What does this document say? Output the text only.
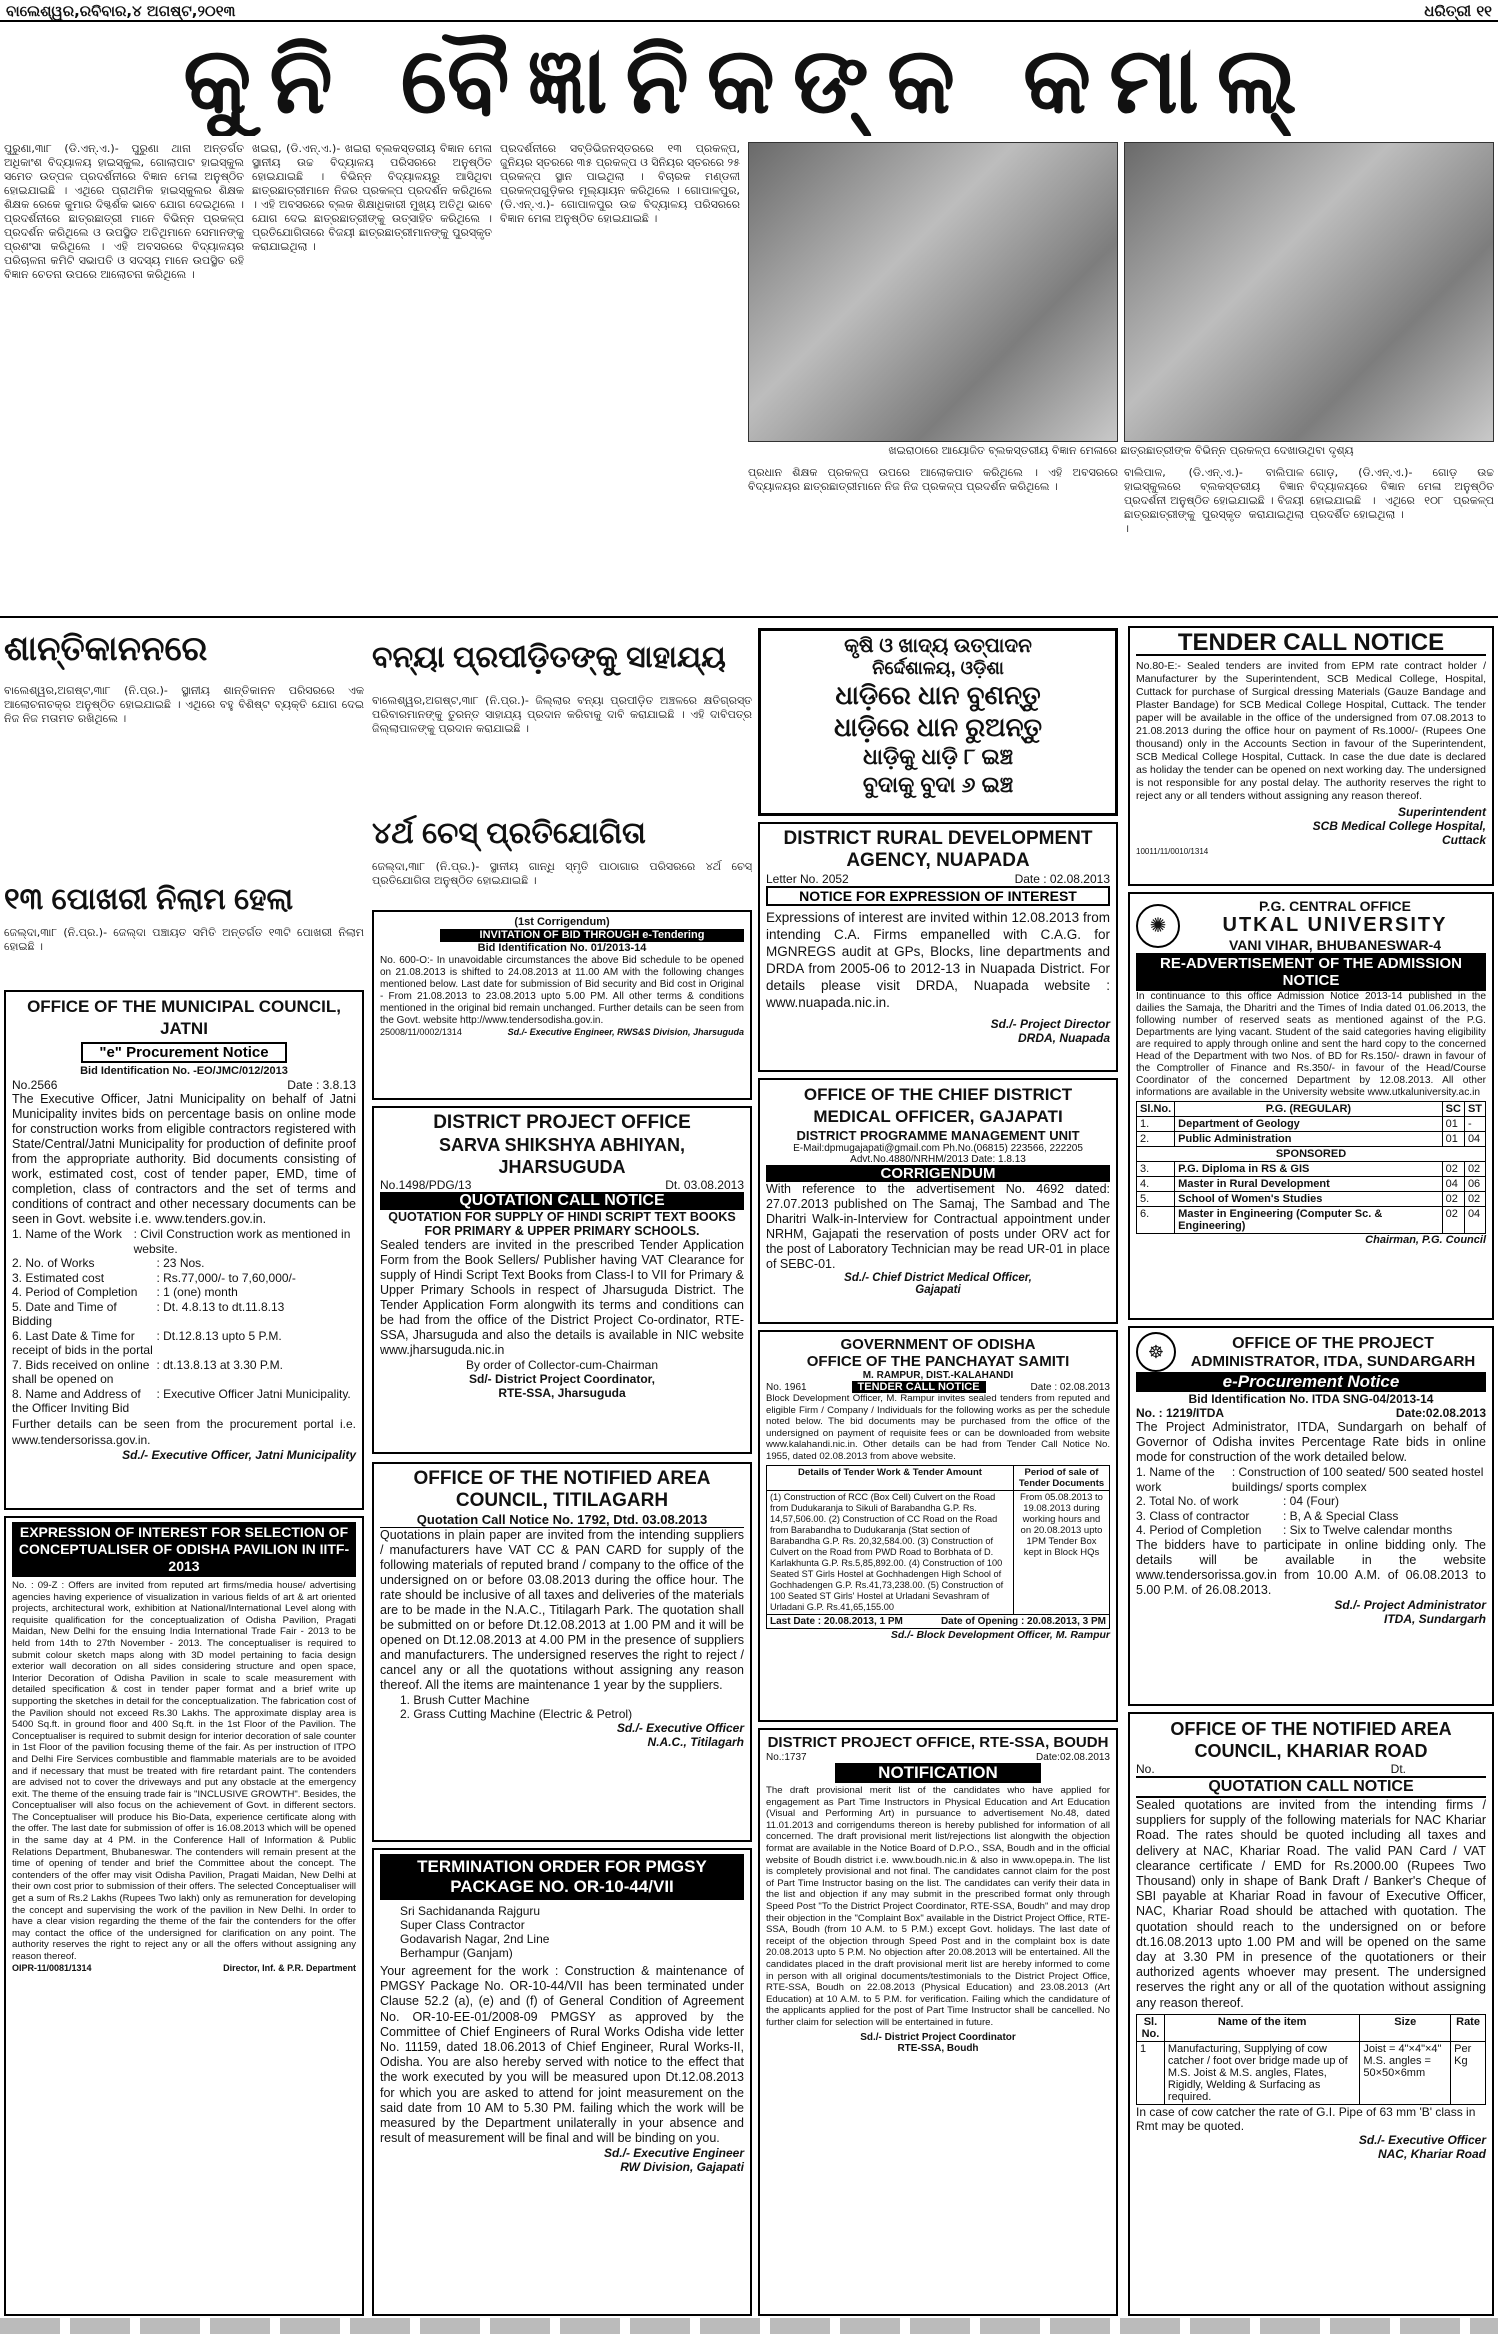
ବାଲେଶ୍ୱର,ରବିବାର,୪ ଅଗଷ୍ଟ,୨୦୧୩	ଧରିତ୍ରୀ ୧୧
କୁନି ବୈଜ୍ଞାନିକଙ୍କ କମାଲ୍
ପୁରୁଣା,୩ା୮ (ଡି.ଏନ୍.ଏ.)- ପୁରୁଣା ଥାନା ଅନ୍ତର୍ଗତ ଅଧିକାଂଶ ବିଦ୍ୟାଳୟ ହାଇସ୍କୁଲ, ଗୋଲାପାଟ ହାଇସ୍କୁଲ ସମେତ ଉତ୍ପଳ ପ୍ରଦର୍ଶନୀରେ ବିଜ୍ଞାନ ମେଳା ଅନୁଷ୍ଠିତ ହୋଇଯାଇଛି । ଏଥିରେ ପ୍ରାଥମିକ ହାଇସ୍କୁଲର ଶିକ୍ଷକ ଶିକ୍ଷକ ରେକେ କୁମାର ଦିଗ୍ଦର୍ଶକ ଭାବେ ଯୋଗ ଦେଇଥିଲେ । ପ୍ରଦର୍ଶନୀରେ ଛାତ୍ରଛାତ୍ରୀ ମାନେ ବିଭିନ୍ନ ପ୍ରକଳ୍ପ ପ୍ରଦର୍ଶନ କରିଥିଲେ ଓ ଉପସ୍ଥିତ ଅତିଥିମାନେ ସେମାନଙ୍କୁ ପ୍ରଶଂସା କରିଥିଲେ । ଏହି ଅବସରରେ ବିଦ୍ୟାଳୟର ପରିଚାଳନା କମିଟି ସଭାପତି ଓ ସଦସ୍ୟ ମାନେ ଉପସ୍ଥିତ ରହି ବିଜ୍ଞାନ ଚେତନା ଉପରେ ଆଲୋଚନା କରିଥିଲେ ।
ଖଇରା, (ଡି.ଏନ୍.ଏ.)- ଖଇରା ବ୍ଲକସ୍ତରୀୟ ବିଜ୍ଞାନ ମେଳା ସ୍ଥାନୀୟ ଉଚ୍ଚ ବିଦ୍ୟାଳୟ ପରିସରରେ ଅନୁଷ୍ଠିତ ହୋଇଯାଇଛି । ବିଭିନ୍ନ ବିଦ୍ୟାଳୟରୁ ଆସିଥିବା ଛାତ୍ରଛାତ୍ରୀମାନେ ନିଜର ପ୍ରକଳ୍ପ ପ୍ରଦର୍ଶନ କରିଥିଲେ । ଏହି ଅବସରରେ ବ୍ଲକ ଶିକ୍ଷାଧିକାରୀ ମୁଖ୍ୟ ଅତିଥି ଭାବେ ଯୋଗ ଦେଇ ଛାତ୍ରଛାତ୍ରୀଙ୍କୁ ଉତ୍ସାହିତ କରିଥିଲେ । ପ୍ରତିଯୋଗିତାରେ ବିଜୟୀ ଛାତ୍ରଛାତ୍ରୀମାନଙ୍କୁ ପୁରସ୍କୃତ କରାଯାଇଥିଲା ।
ପ୍ରଦର୍ଶନୀରେ ସବ୍ଡିଭିଜନସ୍ତରରେ ୧୩ ପ୍ରକଳ୍ପ, ଜୁନିୟର ସ୍ତରରେ ୩୫ ପ୍ରକଳ୍ପ ଓ ସିନିୟର ସ୍ତରରେ ୨୫ ପ୍ରକଳ୍ପ ସ୍ଥାନ ପାଇଥିଲା । ବିଚାରକ ମଣ୍ଡଳୀ ପ୍ରକଳ୍ପଗୁଡ଼ିକର ମୂଲ୍ୟାୟନ କରିଥିଲେ । ଗୋପାଳପୁର, (ଡି.ଏନ୍.ଏ.)- ଗୋପାଳପୁର ଉଚ୍ଚ ବିଦ୍ୟାଳୟ ପରିସରରେ ବିଜ୍ଞାନ ମେଳା ଅନୁଷ୍ଠିତ ହୋଇଯାଇଛି ।
ଖଇରାଠାରେ ଆୟୋଜିତ ବ୍ଲକସ୍ତରୀୟ ବିଜ୍ଞାନ ମେଳାରେ ଛାତ୍ରଛାତ୍ରୀଙ୍କ ବିଭିନ୍ନ ପ୍ରକଳ୍ପ ଦେଖାଉଥିବା ଦୃଶ୍ୟ
ପ୍ରଧାନ ଶିକ୍ଷକ ପ୍ରକଳ୍ପ ଉପରେ ଆଲୋକପାତ କରିଥିଲେ । ଏହି ଅବସରରେ ବିଦ୍ୟାଳୟର ଛାତ୍ରଛାତ୍ରୀମାନେ ନିଜ ନିଜ ପ୍ରକଳ୍ପ ପ୍ରଦର୍ଶନ କରିଥିଲେ ।
ବାଲିପାଳ, (ଡି.ଏନ୍.ଏ.)- ବାଲିପାଳ ହାଇସ୍କୁଲରେ ବ୍ଲକସ୍ତରୀୟ ବିଜ୍ଞାନ ପ୍ରଦର୍ଶନୀ ଅନୁଷ୍ଠିତ ହୋଇଯାଇଛି । ବିଜୟୀ ଛାତ୍ରଛାତ୍ରୀଙ୍କୁ ପୁରସ୍କୃତ କରାଯାଇଥିଲା ।
ଗୋଡ଼, (ଡି.ଏନ୍.ଏ.)- ଗୋଡ଼ ଉଚ୍ଚ ବିଦ୍ୟାଳୟରେ ବିଜ୍ଞାନ ମେଳା ଅନୁଷ୍ଠିତ ହୋଇଯାଇଛି । ଏଥିରେ ୧୦୮ ପ୍ରକଳ୍ପ ପ୍ରଦର୍ଶିତ ହୋଇଥିଲା ।
ଶାନ୍ତିକାନନରେ
ବାଲେଶ୍ୱର,ଅଗଷ୍ଟ,୩ା୮ (ନି.ପ୍ର.)- ସ୍ଥାନୀୟ ଶାନ୍ତିକାନନ ପରିସରରେ ଏକ ଆଲୋଚନାଚକ୍ର ଅନୁଷ୍ଠିତ ହୋଇଯାଇଛି । ଏଥିରେ ବହୁ ବିଶିଷ୍ଟ ବ୍ୟକ୍ତି ଯୋଗ ଦେଇ ନିଜ ନିଜ ମତାମତ ରଖିଥିଲେ ।
୧୩ ପୋଖରୀ ନିଲାମ ହେଲା
ଜେଲ୍ଦା,୩ା୮ (ନି.ପ୍ର.)- ଜେଲ୍ଦା ପଞ୍ଚାୟତ ସମିତି ଅନ୍ତର୍ଗତ ୧୩ଟି ପୋଖରୀ ନିଲାମ ହୋଇଛି ।
ବନ୍ୟା ପ୍ରପୀଡ଼ିତଙ୍କୁ ସାହାଯ୍ୟ
ବାଲେଶ୍ୱର,ଅଗଷ୍ଟ,୩ା୮ (ନି.ପ୍ର.)- ଜିଲ୍ଲାର ବନ୍ୟା ପ୍ରପୀଡ଼ିତ ଅଞ୍ଚଳରେ କ୍ଷତିଗ୍ରସ୍ତ ପରିବାରମାନଙ୍କୁ ତୁରନ୍ତ ସାହାଯ୍ୟ ପ୍ରଦାନ କରିବାକୁ ଦାବି କରାଯାଇଛି । ଏହି ଦାବିପତ୍ର ଜିଲ୍ଲାପାଳଙ୍କୁ ପ୍ରଦାନ କରାଯାଇଛି ।
୪ର୍ଥ ଚେସ୍ ପ୍ରତିଯୋଗିତା
ଜେଲ୍ଦା,୩ା୮ (ନି.ପ୍ର.)- ସ୍ଥାନୀୟ ଗାନ୍ଧି ସ୍ମୃତି ପାଠାଗାର ପରିସରରେ ୪ର୍ଥ ଚେସ୍ ପ୍ରତିଯୋଗିତା ଅନୁଷ୍ଠିତ ହୋଇଯାଇଛି ।
କୃଷି ଓ ଖାଦ୍ୟ ଉତ୍ପାଦନ
ନିର୍ଦ୍ଦେଶାଳୟ, ଓଡ଼ିଶା
ଧାଡ଼ିରେ ଧାନ ବୁଣନ୍ତୁ
ଧାଡ଼ିରେ ଧାନ ରୁଅନ୍ତୁ
ଧାଡ଼ିକୁ ଧାଡ଼ି ୮ ଇଞ୍ଚ
ବୁଦାକୁ ବୁଦା ୬ ଇଞ୍ଚ
TENDER CALL NOTICE
No.80-E:- Sealed tenders are invited from EPM rate contract holder / Manufacturer by the Superintendent, SCB Medical College, Hospital, Cuttack for purchase of Surgical dressing Materials (Gauze Bandage and Plaster Bandage) for SCB Medical College Hospital, Cuttack. The tender paper will be available in the office of the undersigned from 07.08.2013 to 21.08.2013 during the office hour on payment of Rs.1000/- (Rupees One thousand) only in the Accounts Section in favour of the Superintendent, SCB Medical College Hospital, Cuttack. In case the due date is declared as holiday the tender can be opened on next working day. The undersigned is not responsible for any postal delay. The authority reserves the right to reject any or all tenders without assigning any reason thereof.
Superintendent
SCB Medical College Hospital,
Cuttack
10011/11/0010/1314
OFFICE OF THE MUNICIPAL COUNCIL, JATNI
"e" Procurement Notice
Bid Identification No. -EO/JMC/012/2013
No.2566	Date : 3.8.13
The Executive Officer, Jatni Municipality on behalf of Jatni Municipality invites bids on percentage basis on online mode for construction works from eligible contractors registered with State/Central/Jatni Municipality for production of definite proof from the appropriate authority. Bid documents consisting of work, estimated cost, cost of tender paper, EMD, time of completion, class of contractors and the set of terms and conditions of contract and other necessary documents can be seen in Govt. website i.e. www.tenders.gov.in.
1. Name of the Work : Civil Construction work as mentioned in website.
2. No. of Works	: 23 Nos.
3. Estimated cost	: Rs.77,000/- to 7,60,000/-
4. Period of Completion	: 1 (one) month
5. Date and Time of Bidding
: Dt. 4.8.13 to dt.11.8.13
6. Last Date & Time for receipt of bids in the portal
: Dt.12.8.13 upto 5 P.M.
7. Bids received on online shall be opened on
: dt.13.8.13 at 3.30 P.M.
8. Name and Address of the Officer Inviting Bid
: Executive Officer Jatni Municipality.
Further details can be seen from the procurement portal i.e. www.tendersorissa.gov.in.
Sd./- Executive Officer, Jatni Municipality
EXPRESSION OF INTEREST FOR SELECTION OF CONCEPTUALISER OF ODISHA PAVILION IN IITF-2013
No. : 09-Z : Offers are invited from reputed art firms/media house/ advertising agencies having experience of visualization in various fields of art & art oriented projects, architectural work, exhibition at National/International Level along with requisite qualification for the conceptualization of Odisha Pavilion, Pragati Maidan, New Delhi for the ensuing India International Trade Fair - 2013 to be held from 14th to 27th November - 2013. The conceptualiser is required to submit colour sketch maps along with 3D model pertaining to facia design exterior wall decoration on all sides considering structure and open space, Interior Decoration of Odisha Pavilion in scale to scale measurement with detailed specification & cost in tender paper format and a brief write up supporting the sketches in detail for the conceptualization. The fabrication cost of the Pavilion should not exceed Rs.30 Lakhs. The approximate display area is 5400 Sq.ft. in ground floor and 400 Sq.ft. in the 1st Floor of the Pavilion. The Conceptualiser is required to submit design for interior decoration of sale counter in 1st Floor of the pavilion focusing theme of the fair. As per instruction of ITPO and Delhi Fire Services combustible and flammable materials are to be avoided and if necessary that must be treated with fire retardant paint. The contenders are advised not to cover the driveways and put any obstacle at the emergency exit. The theme of the ensuing trade fair is "INCLUSIVE GROWTH". Besides, the Conceptualiser will also focus on the achievement of Govt. in different sectors. The Conceptualiser will produce his Bio-Data, experience certificate along with the offer. The last date for submission of offer is 16.08.2013 which will be opened in the same day at 4 PM. in the Conference Hall of Information & Public Relations Department, Bhubaneswar. The contenders will remain present at the time of opening of tender and brief the Committee about the concept. The contenders of the offer may visit Odisha Pavilion, Pragati Maidan, New Delhi at their own cost prior to submission of their offers. The selected Conceptualiser will get a sum of Rs.2 Lakhs (Rupees Two lakh) only as remuneration for developing the concept and supervising the work of the pavilion in New Delhi. In order to have a clear vision regarding the theme of the fair the contenders for the offer may contact the office of the undersigned for clarification on any point. The authority reserves the right to reject any or all the offers without assigning any reason thereof.
OIPR-11/0081/1314	Director, Inf. & P.R. Department
(1st Corrigendum)
INVITATION OF BID THROUGH e-Tendering
Bid Identification No. 01/2013-14
No. 600-O:- In unavoidable circumstances the above Bid schedule to be opened on 21.08.2013 is shifted to 24.08.2013 at 11.00 AM with the following changes mentioned below. Last date for submission of Bid security and Bid cost in Original - From 21.08.2013 to 23.08.2013 upto 5.00 PM. All other terms & conditions mentioned in the original bid remain unchanged. Further details can be seen from the Govt. website http://www.tendersodisha.gov.in.
25008/11/0002/1314	Sd./- Executive Engineer, RWS&S Division, Jharsuguda
DISTRICT PROJECT OFFICE
SARVA SHIKSHYA ABHIYAN, JHARSUGUDA
No.1498/PDG/13	Dt. 03.08.2013
QUOTATION CALL NOTICE
QUOTATION FOR SUPPLY OF HINDI SCRIPT TEXT BOOKS FOR PRIMARY & UPPER PRIMARY SCHOOLS.
Sealed tenders are invited in the prescribed Tender Application Form from the Book Sellers/ Publisher having VAT Clearance for supply of Hindi Script Text Books from Class-I to VII for Primary & Upper Primary Schools in respect of Jharsuguda District. The Tender Application Form alongwith its terms and conditions can be had from the office of the District Project Co-ordinator, RTE-SSA, Jharsuguda and also the details is available in NIC website www.jharsuguda.nic.in
By order of Collector-cum-Chairman
Sd/- District Project Coordinator,
RTE-SSA, Jharsuguda
OFFICE OF THE NOTIFIED AREA COUNCIL, TITILAGARH
Quotation Call Notice No. 1792, Dtd. 03.08.2013
Quotations in plain paper are invited from the intending suppliers / manufacturers have VAT CC & PAN CARD for supply of the following materials of reputed brand / company to the office of the undersigned on or before 03.08.2013 during the office hour. The rate should be inclusive of all taxes and deliveries of the materials are to be made in the N.A.C., Titilagarh Park. The quotation shall be submitted on or before Dt.12.08.2013 at 1.00 PM and it will be opened on Dt.12.08.2013 at 4.00 PM in the presence of suppliers and manufacturers. The undersigned reserves the right to reject / cancel any or all the quotations without assigning any reason thereof. All the items are maintenance 1 year by the suppliers.
1. Brush Cutter Machine
2. Grass Cutting Machine (Electric & Petrol)
Sd./- Executive Officer
N.A.C., Titilagarh
TERMINATION ORDER FOR PMGSY PACKAGE NO. OR-10-44/VII
Sri Sachidananda Rajguru
Super Class Contractor
Godavarish Nagar, 2nd Line
Berhampur (Ganjam)
Your agreement for the work : Construction & maintenance of PMGSY Package No. OR-10-44/VII has been terminated under Clause 52.2 (a), (e) and (f) of General Condition of Agreement No. OR-10-EE-01/2008-09 PMGSY as approved by the Committee of Chief Engineers of Rural Works Odisha vide letter No. 11159, dated 18.06.2013 of Chief Engineer, Rural Works-II, Odisha. You are also hereby served with notice to the effect that the work executed by you will be measured upon Dt.12.08.2013 for which you are asked to attend for joint measurement on the said date from 10 AM to 5.30 PM. failing which the work will be measured by the Department unilaterally in your absence and result of measurement will be final and will be binding on you.
Sd./- Executive Engineer
RW Division, Gajapati
DISTRICT RURAL DEVELOPMENT AGENCY, NUAPADA
Letter No. 2052	Date : 02.08.2013
NOTICE FOR EXPRESSION OF INTEREST
Expressions of interest are invited within 12.08.2013 from intending C.A. Firms empanelled with C.A.G. for MGNREGS audit at GPs, Blocks, line departments and DRDA from 2005-06 to 2012-13 in Nuapada District. For details please visit DRDA, Nuapada website : www.nuapada.nic.in.
Sd./- Project Director
DRDA, Nuapada
OFFICE OF THE CHIEF DISTRICT
MEDICAL OFFICER, GAJAPATI
DISTRICT PROGRAMME MANAGEMENT UNIT
E-Mail:dpmugajapati@gmail.com Ph.No.(06815) 223566, 222205
Advt.No.4880/NRHM/2013 Date: 1.8.13
CORRIGENDUM
With reference to the advertisement No. 4692 dated: 27.07.2013 published on The Samaj, The Sambad and The Dharitri Walk-in-Interview for Contractual appointment under NRHM, Gajapati the reservation of posts under ORV act for the post of Laboratory Technician may be read UR-01 in place of SEBC-01.
Sd./- Chief District Medical Officer,
Gajapati
GOVERNMENT OF ODISHA
OFFICE OF THE PANCHAYAT SAMITI
M. RAMPUR, DIST.-KALAHANDI
No. 1961	TENDER CALL NOTICE	Date : 02.08.2013
Block Development Officer, M. Rampur invites sealed tenders from reputed and eligible Firm / Company / Individuals for the following works as per the schedule noted below. The bid documents may be purchased from the office of the undersigned on payment of requisite fees or can be downloaded from website www.kalahandi.nic.in. Other details can be had from Tender Call Notice No. 1955, dated 02.08.2013 from above website.
Details of Tender Work & Tender Amount	Period of sale of Tender Documents
(1) Construction of RCC (Box Cell) Culvert on the Road from Dudukaranja to Sikuli of Barabandha G.P. Rs. 14,57,506.00. (2) Construction of CC Road on the Road from Barabandha to Dudukaranja (Stat section of Barabandha G.P. Rs. 20,32,584.00. (3) Construction of Culvert on the Road from PWD Road to Borbhata of D. Karlakhunta G.P. Rs.5,85,892.00. (4) Construction of 100 Seated ST Girls Hostel at Gochhadengen High School of Gochhadengen G.P. Rs.41,73,238.00. (5) Construction of 100 Seated ST Girls' Hostel at Urladani Sevashram of Urladani G.P. Rs.41,65,155.00	From 05.08.2013 to 19.08.2013 during working hours and on 20.08.2013 upto 1PM Tender Box kept in Block HQs
Last Date : 20.08.2013, 1 PM	Date of Opening : 20.08.2013, 3 PM
Sd./- Block Development Officer, M. Rampur
DISTRICT PROJECT OFFICE, RTE-SSA, BOUDH
No.:1737	Date:02.08.2013
NOTIFICATION
The draft provisional merit list of the candidates who have applied for engagement as Part Time Instructors in Physical Education and Art Education (Visual and Performing Art) in pursuance to advertisement No.48, dated 11.01.2013 and corrigendums thereon is hereby published for information of all concerned. The draft provisional merit list/rejections list alongwith the objection format are available in the Notice Board of D.P.O., SSA, Boudh and in the official website of Boudh district i.e. www.boudh.nic.in & also in www.opepa.in. The list is completely provisional and not final. The candidates cannot claim for the post of Part Time Instructor basing on the list. The candidates can verify their data in the list and objection if any may submit in the prescribed format only through Speed Post "To the District Project Coordinator, RTE-SSA, Boudh" and may drop their objection in the "Complaint Box" available in the District Project Office, RTE-SSA, Boudh (from 10 A.M. to 5 P.M.) except Govt. holidays. The last date of receipt of the objection through Speed Post and in the complaint box is date 20.08.2013 upto 5 P.M. No objection after 20.08.2013 will be entertained. All the candidates placed in the draft provisional merit list are hereby informed to come in person with all original documents/testimonials to the District Project Office, RTE-SSA, Boudh on 22.08.2013 (Physical Education) and 23.08.2013 (Art Education) at 10 A.M. to 5 P.M. for verification. Failing which the candidature of the applicants applied for the post of Part Time Instructor shall be cancelled. No further claim for selection will be entertained in future.
Sd./- District Project Coordinator
RTE-SSA, Boudh
✺
P.G. CENTRAL OFFICE
UTKAL UNIVERSITY
VANI VIHAR, BHUBANESWAR-4
RE-ADVERTISEMENT OF THE ADMISSION NOTICE
In continuance to this office Admission Notice 2013-14 published in the dailies the Samaja, the Dharitri and the Times of India dated 01.06.2013, the following number of reserved seats as mentioned against of the P.G. Departments are lying vacant. Student of the said categories having eligibility are required to apply through online and sent the hard copy to the concerned Head of the Department with two Nos. of BD for Rs.150/- drawn in favour of the Comptroller of Finance and Rs.350/- in favour of the Head/Course Coordinator of the concerned Department by 12.08.2013. All other informations are available in the University website www.utkaluniversity.ac.in
Sl.No.	P.G. (REGULAR)	SC	ST
1.	Department of Geology	01	-
2.	Public Administration	01	04
SPONSORED			
3.	P.G. Diploma in RS & GIS	02	02
4.	Master in Rural Development	04	06
5.	School of Women's Studies	02	02
6.	Master in Engineering (Computer Sc. & Engineering)	02	04
Chairman, P.G. Council
☸	OFFICE OF THE PROJECT
ADMINISTRATOR, ITDA, SUNDARGARH
e-Procurement Notice
Bid Identification No. ITDA SNG-04/2013-14
No. : 1219/ITDA	Date:02.08.2013
The Project Administrator, ITDA, Sundargarh on behalf of Governor of Odisha invites Percentage Rate bids in online mode for construction of the work detailed below.
1. Name of the work
: Construction of 100 seated/ 500 seated hostel buildings/ sports complex
2. Total No. of work	: 04 (Four)
3. Class of contractor	: B, A & Special Class
4. Period of Completion	: Six to Twelve calendar months
The bidders have to participate in online bidding only. The details will be available in the website www.tendersorissa.gov.in from 10.00 A.M. of 06.08.2013 to 5.00 P.M. of 26.08.2013.
Sd./- Project Administrator
ITDA, Sundargarh
OFFICE OF THE NOTIFIED AREA COUNCIL, KHARIAR ROAD
No.	Dt.
QUOTATION CALL NOTICE
Sealed quotations are invited from the intending firms / suppliers for supply of the following materials for NAC Khariar Road. The rates should be quoted including all taxes and delivery at NAC, Khariar Road. The valid PAN Card / VAT clearance certificate / EMD for Rs.2000.00 (Rupees Two Thousand) only in shape of Bank Draft / Banker's Cheque of SBI payable at Khariar Road in favour of Executive Officer, NAC, Khariar Road should be attached with quotation. The quotation should reach to the undersigned on or before dt.16.08.2013 upto 1.00 PM and will be opened on the same day at 3.30 PM in presence of the quotationers or their authorized agents whoever may present. The undersigned reserves the right any or all of the quotation without assigning any reason thereof.
Sl. No.	Name of the item	Size	Rate
1	Manufacturing, Supplying of cow catcher / foot over bridge made up of M.S. Joist & M.S. angles, Flates, Rigidly, Welding & Surfacing as required.	Joist = 4"×4"×4" M.S. angles = 50×50×6mm	Per Kg
In case of cow catcher the rate of G.I. Pipe of 63 mm 'B' class in Rmt may be quoted.
Sd./- Executive Officer
NAC, Khariar Road
